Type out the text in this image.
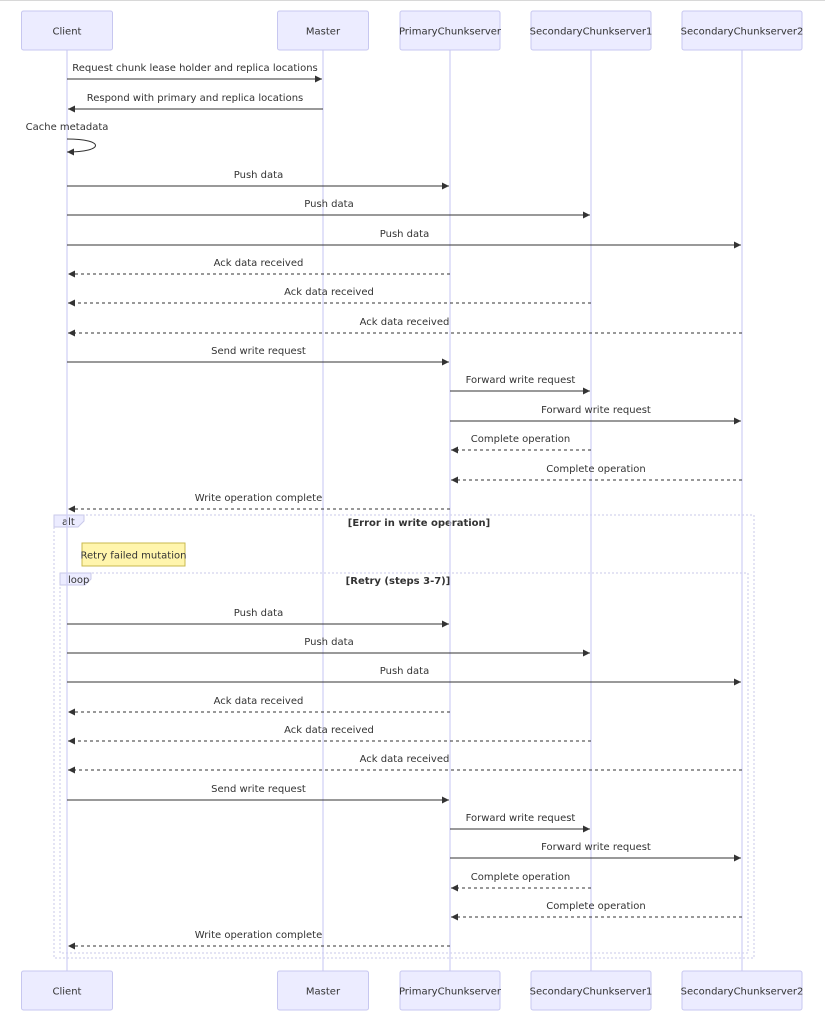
alt	[Error in write operation]
loop	[Retry (steps 3-7)]
Request chunk lease holder and replica locations
Respond with primary and replica locations
Cache metadata
Push data
Push data
Push data
Ack data received
Ack data received
Ack data received
Send write request
Forward write request
Forward write request
Complete operation
Complete operation
Write operation complete
Push data
Push data
Push data
Ack data received
Ack data received
Ack data received
Send write request
Forward write request
Forward write request
Complete operation
Complete operation
Write operation complete
Retry failed mutation
Client
Client
Master
Master
PrimaryChunkserver
PrimaryChunkserver
SecondaryChunkserver1
SecondaryChunkserver1
SecondaryChunkserver2
SecondaryChunkserver2
